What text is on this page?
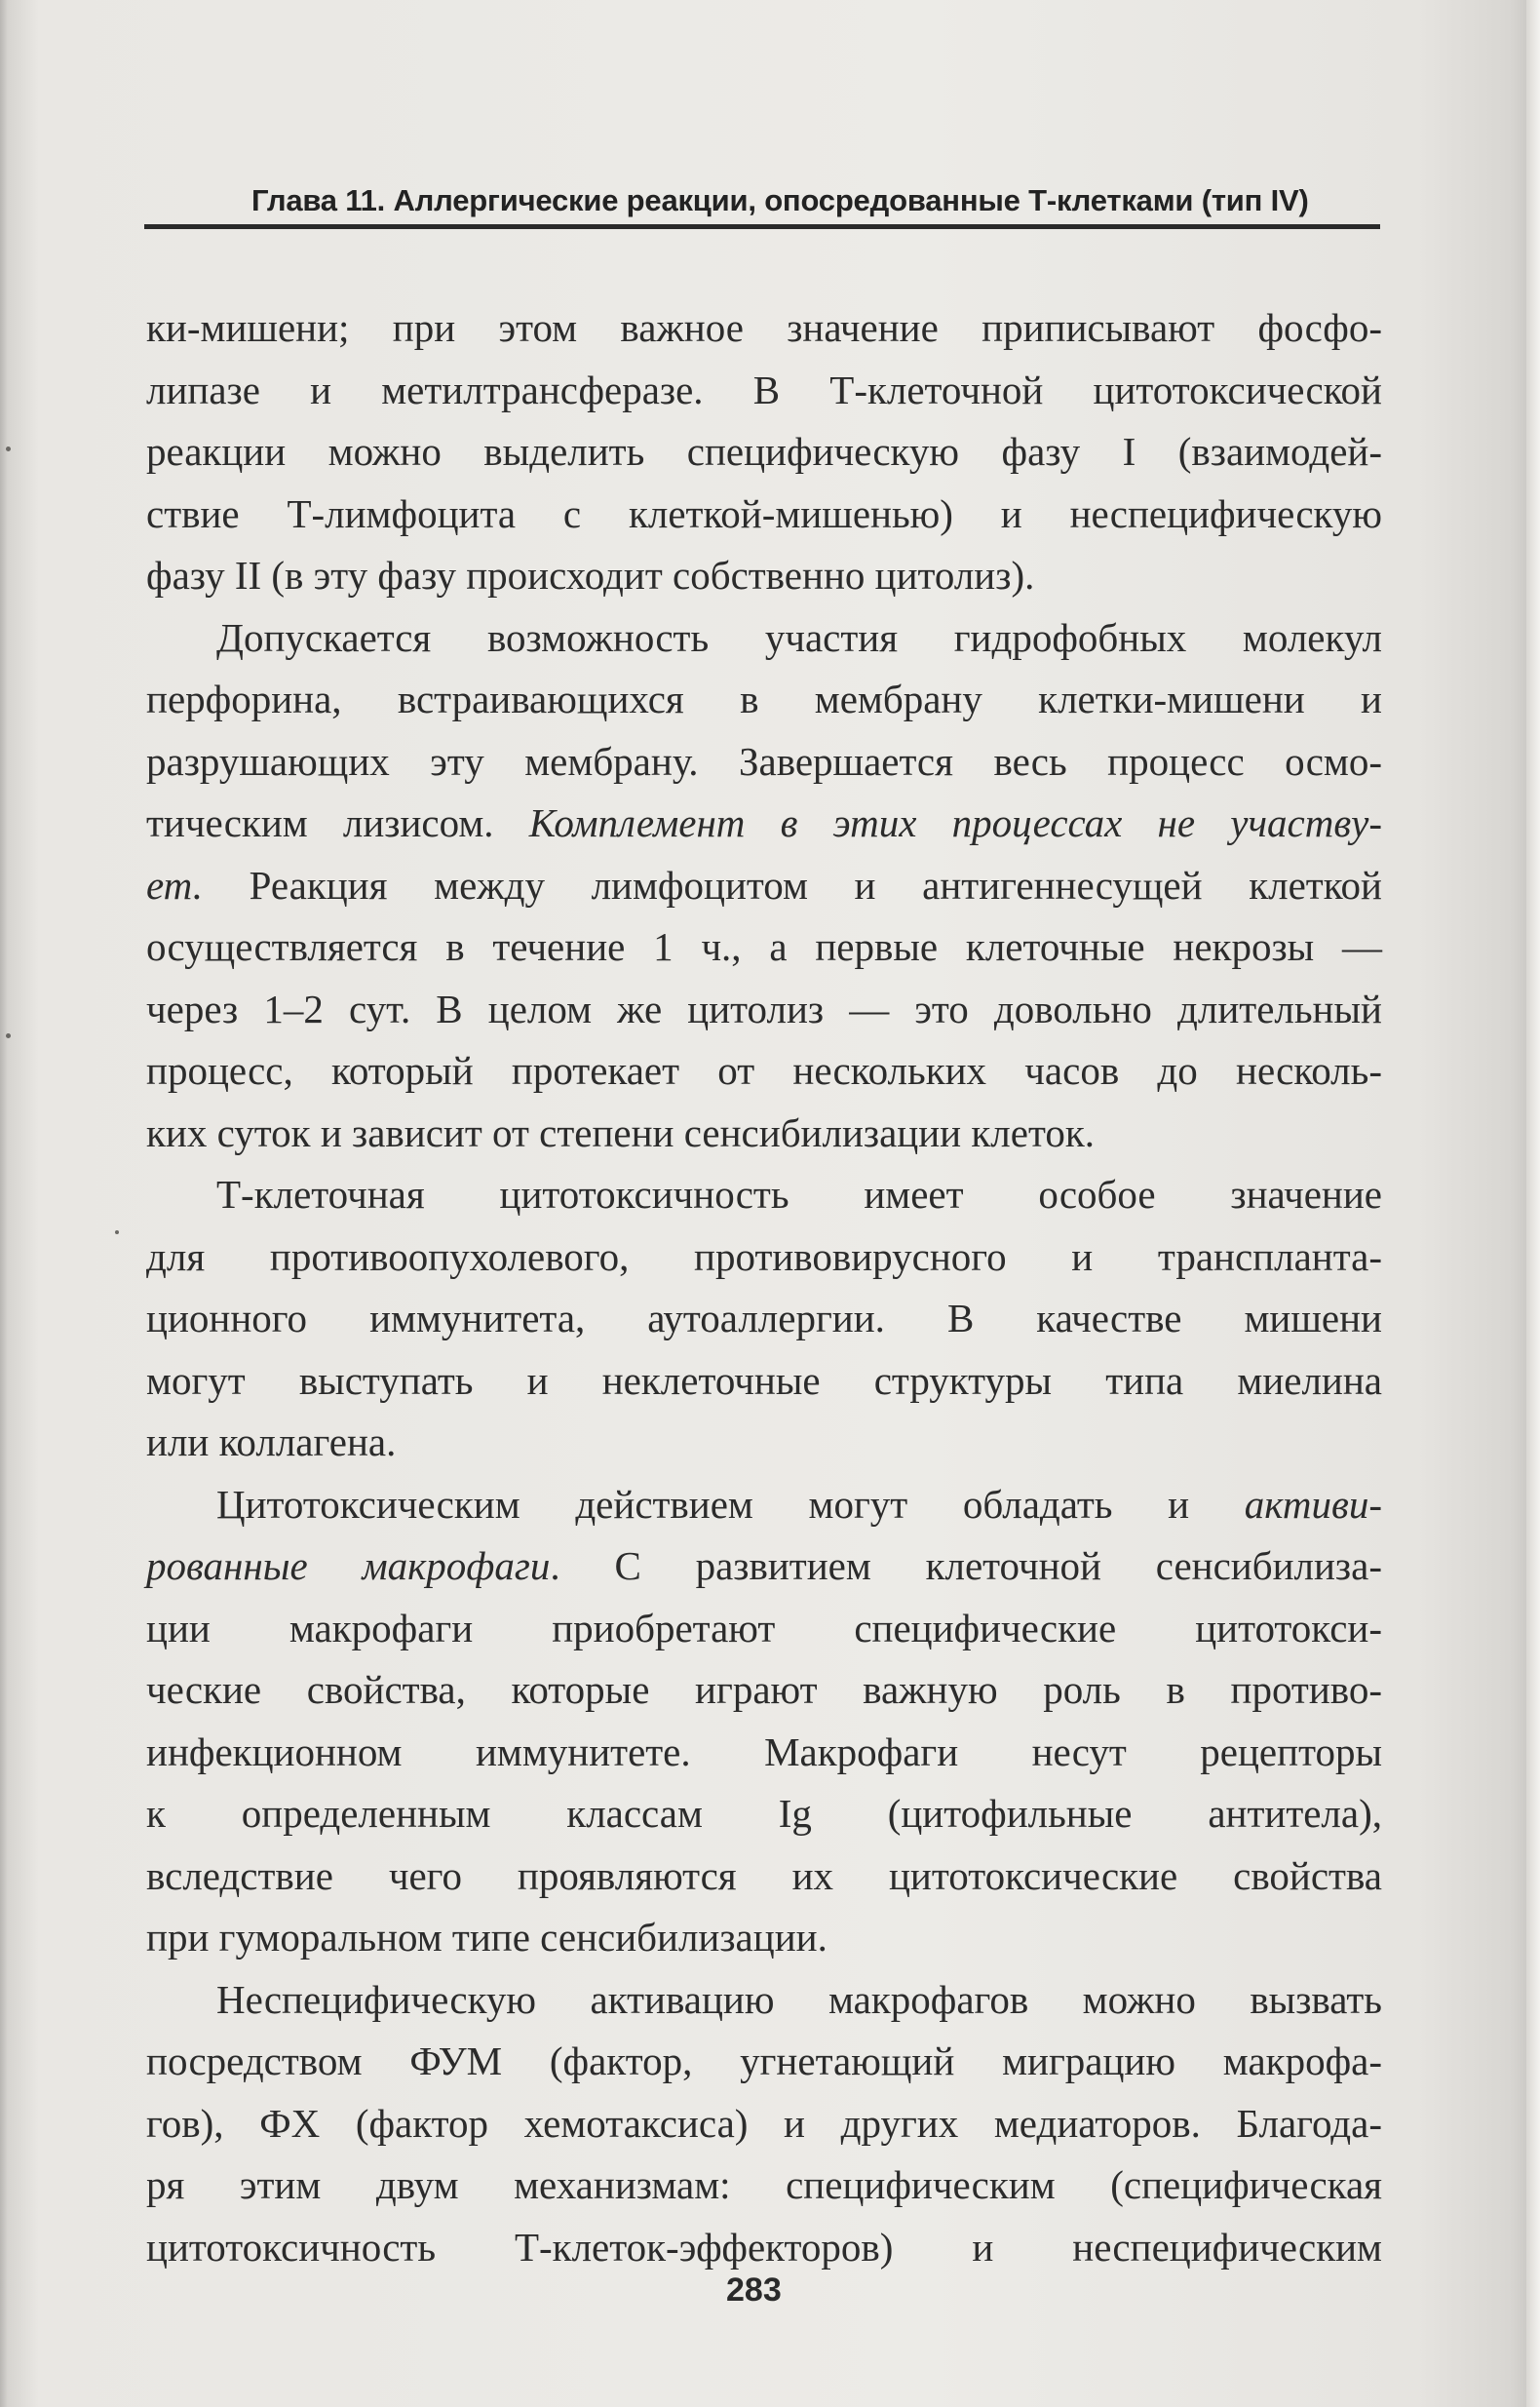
Глава 11. Аллергические реакции, опосредованные Т-клетками (тип IV)
ки-мишени; при этом важное значение приписывают фосфо-
липазе и метилтрансферазе. В Т-клеточной цитотоксической
реакции можно выделить специфическую фазу I (взаимодей-
ствие Т-лимфоцита с клеткой-мишенью) и неспецифическую
фазу II (в эту фазу происходит собственно цитолиз).
Допускается возможность участия гидрофобных молекул
перфорина, встраивающихся в мембрану клетки-мишени и
разрушающих эту мембрану. Завершается весь процесс осмо-
тическим лизисом. Комплемент в этих процессах не участву-
ет. Реакция между лимфоцитом и антигеннесущей клеткой
осуществляется в течение 1 ч., а первые клеточные некрозы —
через 1–2 сут. В целом же цитолиз — это довольно длительный
процесс, который протекает от нескольких часов до несколь-
ких суток и зависит от степени сенсибилизации клеток.
Т-клеточная цитотоксичность имеет особое значение
для противоопухолевого, противовирусного и транспланта-
ционного иммунитета, аутоаллергии. В качестве мишени
могут выступать и неклеточные структуры типа миелина
или коллагена.
Цитотоксическим действием могут обладать и активи-
рованные макрофаги. С развитием клеточной сенсибилиза-
ции макрофаги приобретают специфические цитотокси-
ческие свойства, которые играют важную роль в противо-
инфекционном иммунитете. Макрофаги несут рецепторы
к определенным классам Ig (цитофильные антитела),
вследствие чего проявляются их цитотоксические свойства
при гуморальном типе сенсибилизации.
Неспецифическую активацию макрофагов можно вызвать
посредством ФУМ (фактор, угнетающий миграцию макрофа-
гов), ФХ (фактор хемотаксиса) и других медиаторов. Благода-
ря этим двум механизмам: специфическим (специфическая
цитотоксичность Т-клеток-эффекторов) и неспецифическим
283
